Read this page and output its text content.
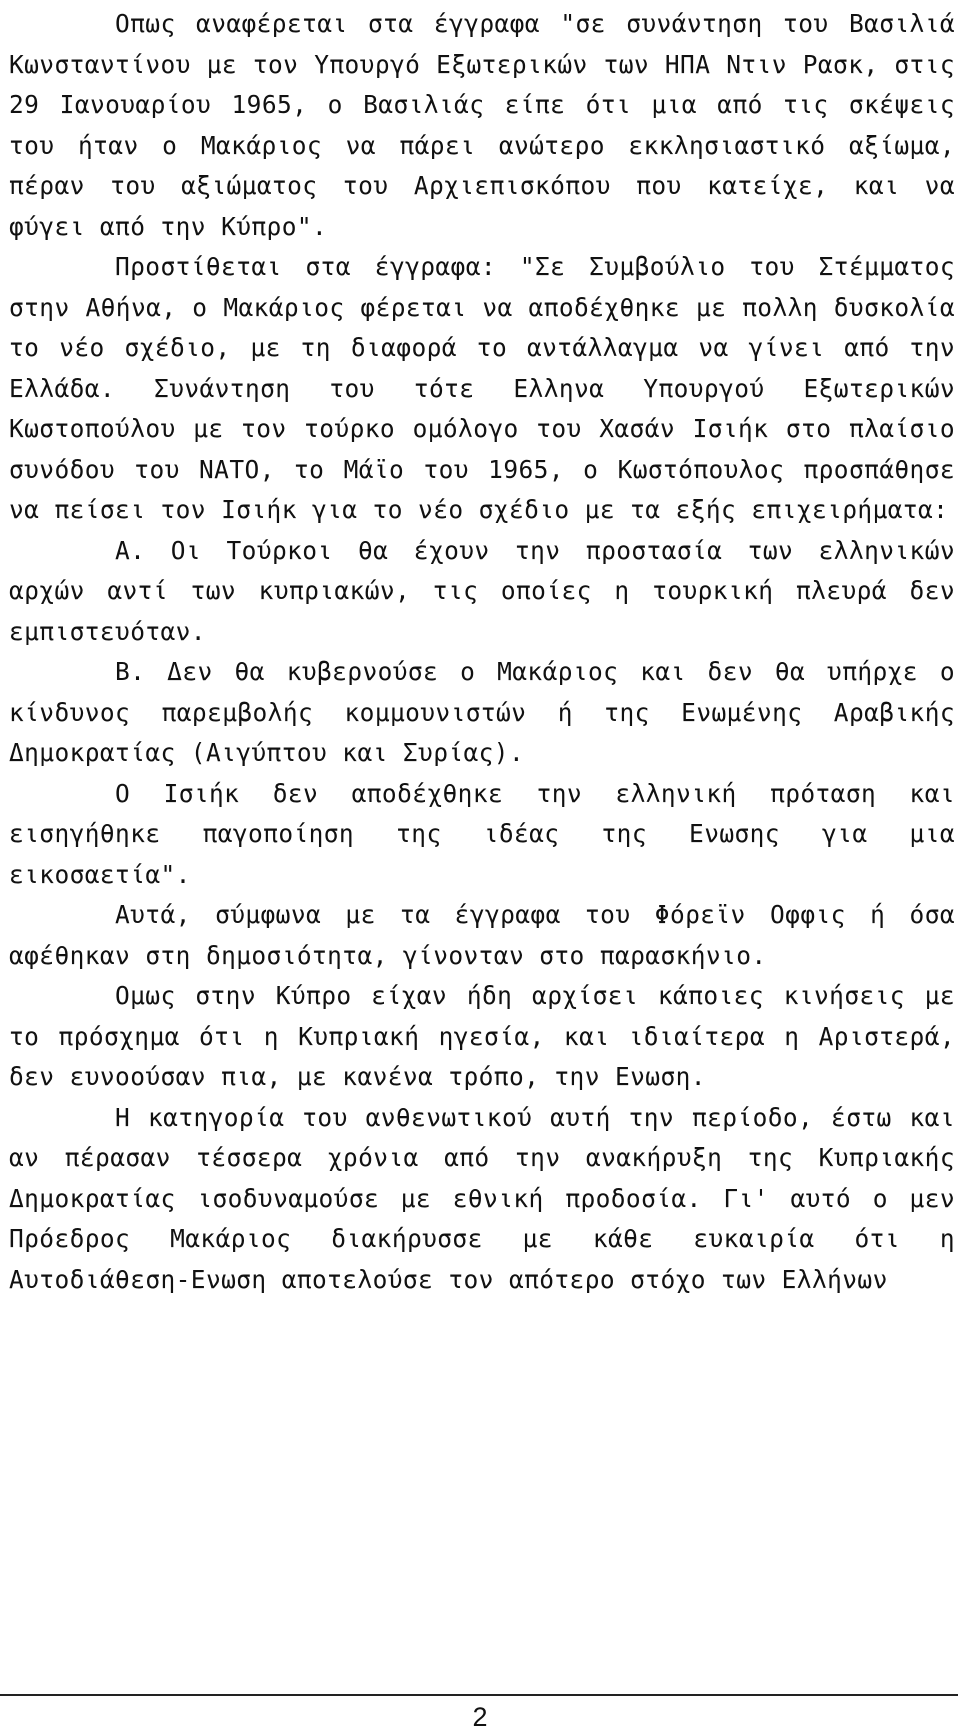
Οπως αναφέρεται στα έγγραφα "σε συνάντηση του Βασιλιά Κωνσταντίνου με τον Υπουργό Εξωτερικών των ΗΠΑ Ντιν Ρασκ, στις 29 Ιανουαρίου 1965, ο Βασιλιάς είπε ότι μια από τις σκέψεις του ήταν ο Μακάριος να πάρει ανώτερο εκκλησιαστικό αξίωμα, πέραν του αξιώματος του Αρχιεπισκόπου που κατείχε, και να φύγει από την Κύπρο".

Προστίθεται στα έγγραφα: "Σε Συμβούλιο του Στέμματος στην Αθήνα, ο Μακάριος φέρεται να αποδέχθηκε με πολλη δυσκολία το νέο σχέδιο, με τη διαφορά το αντάλλαγμα να γίνει από την Ελλάδα. Συνάντηση του τότε Ελληνα Υπουργού Εξωτερικών Κωστοπούλου με τον τούρκο ομόλογο του Χασάν Ισιήκ στο πλαίσιο συνόδου του ΝΑΤΟ, το Μάϊο του 1965, ο Κωστόπουλος προσπάθησε να πείσει τον Ισιήκ για το νέο σχέδιο με τα εξής επιχειρήματα:

Α. Οι Τούρκοι θα έχουν την προστασία των ελληνικών αρχών αντί των κυπριακών, τις οποίες η τουρκική πλευρά δεν εμπιστευόταν.

Β. Δεν θα κυβερνούσε ο Μακάριος και δεν θα υπήρχε ο κίνδυνος παρεμβολής κομμουνιστών ή της Ενωμένης Αραβικής Δημοκρατίας (Αιγύπτου και Συρίας).

Ο Ισιήκ δεν αποδέχθηκε την ελληνική πρόταση και εισηγήθηκε παγοποίηση της ιδέας της Ενωσης για μια εικοσαετία".

Αυτά, σύμφωνα με τα έγγραφα του Φόρεϊν Οφφις ή όσα αφέθηκαν στη δημοσιότητα, γίνονταν στο παρασκήνιο.

Ομως στην Κύπρο είχαν ήδη αρχίσει κάποιες κινήσεις με το πρόσχημα ότι η Κυπριακή ηγεσία, και ιδιαίτερα η Αριστερά, δεν ευνοούσαν πια, με κανένα τρόπο, την Ενωση.

Η κατηγορία του ανθενωτικού αυτή την περίοδο, έστω και αν πέρασαν τέσσερα χρόνια από την ανακήρυξη της Κυπριακής Δημοκρατίας ισοδυναμούσε με εθνική προδοσία. Γι' αυτό ο μεν Πρόεδρος Μακάριος διακήρυσσε με κάθε ευκαιρία ότι η Αυτοδιάθεση-Ενωση αποτελούσε τον απότερο στόχο των Ελλήνων

2
